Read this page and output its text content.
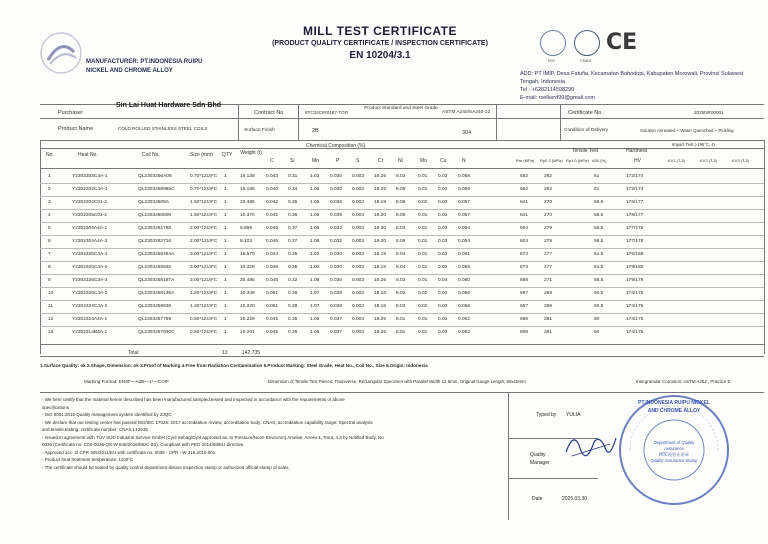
MANUFACTURER: PT.INDONESIA RUIPU
NICKEL AND CHROME ALLOY
MILL TEST CERTIFICATE
(PRODUCT QUALITY CERTIFICATE / INSPECTION CERTIFICATE)
EN 10204/3.1	ISO	CNAS
CE
ADD: PT IMIP, Desa Fatufia, Kecamatan Bahodopi, Kabupaten Morowali, Provinsi Sulawesi Tengah, Indonesia
Tel : +6282114598290
E-mail: rselkerd99@gmail.com
Purchaser
Sin Lai Huat Hardware Sdn Bhd
Contract No	6TC34CIR0187-TGR
Product Standard and Steel Grade
ASTM A240/SA240-22	Certificate No.	2025NR00001
Product Name	COLD ROLLED STAINLESS STEEL COILS	Surface Finish	2B	304	Condition of Delivery	Solution Annealed + Water Quenched + Pickling
No.	Heat No.	Coil No.	Size (mm) QTY Weight (t)
Chemical Composition (%)
C	Si	Mn	P	S	Cr	Ni	Mo	Cu	N
Tensile Test
Rm (MPa) Rp0.2 (MPa) Rp1.0 (MPa) A50 (%)
Hardness
HV
Impact Test (-196°C, J)
KV1 (T-3)	KV2 (T-3)	KV3 (T-3)
1	Y2302203C4A-1	QL2303256A08	0.70*1219*C 1	16.128 0.043 0.31	1.03 0.030 0.003 18.25 8.03	0.01 0.03 0.058	652	292	61	172/174
2	Y2302202C4A-1	QL2303258965C	0.70*1219*C 1	16.155 0.040 0.34	1.06 0.030 0.003 18.25 8.05	0.01 0.03 0.059	652	262	61	172/174
3	Y2302204C01-2	QL23032608A	1.50*1219*C 1	20.485 0.042 0.36	1.05 0.036 0.003 18.19 8.09	0.02 0.03 0.057	641	270	59.6	176/177
4	Y2302205C01-2	QL2303260808	1.50*1219*C 1	10.370 0.042 0.36	1.05 0.039 0.003 18.20 8.05	0.01 0.03 0.057	641	270	59.6	178/177
5	Y2302304A4A-1	QL2303261788	2.00*1219*C 1	9.899	0.046 0.37	1.06 0.032 0.003 18.30 8.03	0.01 0.03 0.054	604	279	56.5	177/176
6	Y2302304A4A-3	QL2303262716	2.00*1219*C 1	8.103	0.046 0.37	1.06 0.032 0.003 18.20 8.09	0.01 0.03 0.054	604	279	56.5	177/178
7	Y2302325C4A-1	QL2303255484A	3.00*1219*C 1	15.570 0.044 0.35	1.02 0.030 0.003 18.19 8.04	0.01 0.03 0.061	673	277	61.5	176/168
8	Y2302325C4A-2	QL2303258945	3.00*1219*C 1	10.328 0.046 0.35	1.02 0.030 0.003 18.18 8.04	0.01 0.03 0.055	673	277	61.5	178/180
9	Y2302326C3A-3	QL2303258197A	3.00*1219*C 1	20.485 0.045 0.32	1.08 0.030 0.003 18.25 8.03	0.01 0.04 0.060	688	271	56.5	179/179
10	Y2302326C4A-2	QL2303258136A	1.20*1219*C 1	10.349 0.051 0.39	1.07 0.038 0.003 18.16 8.02	0.02 0.03 0.056	657	269	60.5	174/175
11	Y2302324C4A-2	QL2303259838	1.20*1219*C 1	10.220 0.051 0.39	1.07 0.038 0.003 18.16 8.03	0.02 0.03 0.056	657	269	60.5	174/175
12	Y2302324A4A-1	QL2303257759	0.50*1219*C 1	10.229 0.045 0.35	1.05 0.037 0.003 18.25 8.01	0.01 0.03 0.052	696	281	60	174/175
13	Y2302314B4A-1	QL2303257930C	0.50*1219*C 1	10.201 0.045 0.35	1.05 0.037 0.003 18.25 8.01	0.01 0.03 0.052	608	281	60	174/175
Total	13	142.735
1.Surface Quality: ok 2.Shape, Dimension: ok 3.Proof of Marking 4.Free from Radiation Contamination 5.Product Marking: Steel Grade, Heat No., Coil No., Size 6.Origin: Indonesia
Marking Format: ENSF—A2B—1*—COIF	Dimension of Tensile Test Pieces: Transverse, Rectangular Specimen with Parallel Width 12.5mm, Original Gauge Length, 50x10mm	Intergranular Corrosion: ASTM A262 , Practice E
- We here certify that the material herein described has been manufactured,sampled,tested and inspected in accordance with the requirements of above
specifications
- ISO 9001:2015 Quality management system identified by ZJQC
- We declare that our testing center has passed ISO/IEC 17025: 2017 accreditation review, accreditation body: CNAS, accreditation capability range: Spectral analysis
and tensile testing, certificate number: CNAS L12638
- Issued in agreement with TÜV SÜD Industrie Service GmbH (Cyril Sebag/Cyril approved as, to Pressure/Noon Environm) Ameliar, Annex 1, Para, 4.3 by Notified Body, No
0036 (Certificate no. C0S-0036-QS-W 848/2016/MUC-0S); Compliant with PED 2014/68/EU directive.
- Approved acc. to CPR 305/2011/EU with certificate no. 0036 - CPR - W 316.2015.001.
- Product heat treatment temperature: 1100°C
- The certificate should be sealed by quality control department deluxe inspection stamp or authorized official stamp of sales.
Typed by YULIA
Quality Manager
Date	2025.03.30
PT.INDONESIA RUIPU NICKEL AND CHROME ALLOY
Department of Quality Assurance
MTC检验专用章
Quality Assurance Stamp
